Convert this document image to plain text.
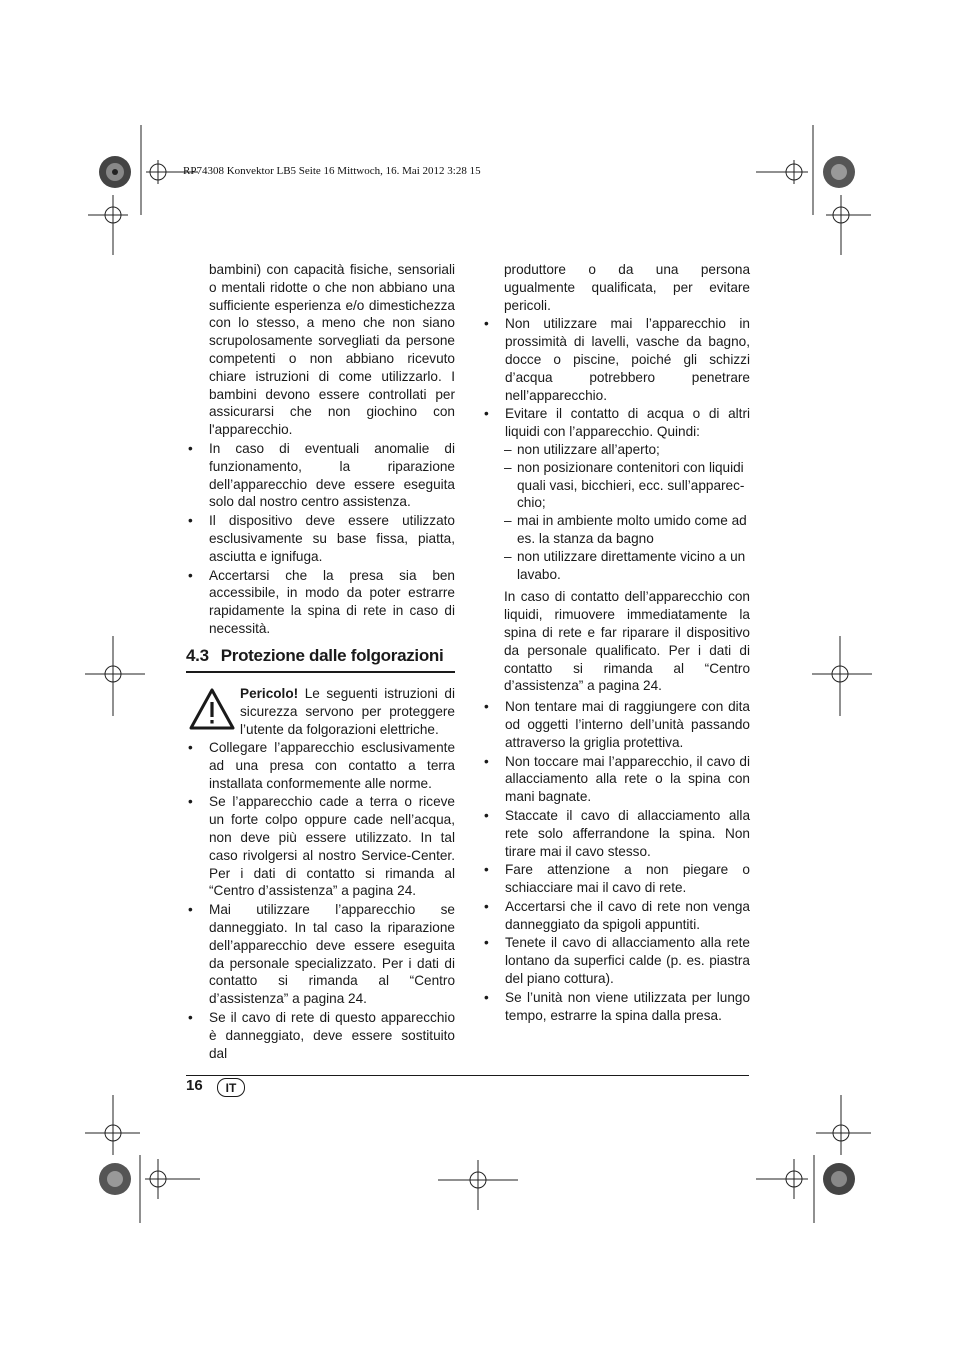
RP74308 Konvektor LB5 Seite 16 Mittwoch, 16. Mai 2012 3:28 15

bambini) con capacità fisiche, sensoriali o mentali ridotte o che non abbiano una sufficiente esperienza e/o dimestichezza con lo stesso, a meno che non siano scrupolosamente sorvegliati da persone competenti o non abbiano ricevuto chiare istruzioni di come utilizzarlo. I bambini devono essere controllati per assicurarsi che non giochino con l'apparecchio.

• In caso di eventuali anomalie di funzionamento, la riparazione dell’apparecchio deve essere eseguita solo dal nostro centro assistenza.

• Il dispositivo deve essere utilizzato esclusivamente su base fissa, piatta, asciutta e ignifuga.

• Accertarsi che la presa sia ben accessibile, in modo da poter estrarre rapidamente la spina di rete in caso di necessità.

4.3 Protezione dalle folgorazioni

Pericolo! Le seguenti istruzioni di sicurezza servono per proteggere l’utente da folgorazioni elettriche.

• Collegare l’apparecchio esclusivamente ad una presa con contatto a terra installata conformemente alle norme.

• Se l’apparecchio cade a terra o riceve un forte colpo oppure cade nell’acqua, non deve più essere utilizzato. In tal caso rivolgersi al nostro Service-Center. Per i dati di contatto si rimanda al “Centro d’assistenza” a pagina 24.

• Mai utilizzare l’apparecchio se danneggiato. In tal caso la riparazione dell’apparecchio deve essere eseguita da personale specializzato. Per i dati di contatto si rimanda al “Centro d’assistenza” a pagina 24.

• Se il cavo di rete di questo apparecchio è danneggiato, deve essere sostituito dal

produttore o da una persona ugualmente qualificata, per evitare pericoli.

• Non utilizzare mai l’apparecchio in prossimità di lavelli, vasche da bagno, docce o piscine, poiché gli schizzi d’acqua potrebbero penetrare nell’apparecchio.

• Evitare il contatto di acqua o di altri liquidi con l’apparecchio. Quindi:

– non utilizzare all’aperto;

– non posizionare contenitori con liquidi quali vasi, bicchieri, ecc. sull’apparecchio;

– mai in ambiente molto umido come ad es. la stanza da bagno

– non utilizzare direttamente vicino a un lavabo.

In caso di contatto dell’apparecchio con liquidi, rimuovere immediatamente la spina di rete e far riparare il dispositivo da personale qualificato. Per i dati di contatto si rimanda al “Centro d’assistenza” a pagina 24.

• Non tentare mai di raggiungere con dita od oggetti l’interno dell’unità passando attraverso la griglia protettiva.

• Non toccare mai l’apparecchio, il cavo di allacciamento alla rete o la spina con mani bagnate.

• Staccate il cavo di allacciamento alla rete solo afferrandone la spina. Non tirare mai il cavo stesso.

• Fare attenzione a non piegare o schiacciare mai il cavo di rete.

• Accertarsi che il cavo di rete non venga danneggiato da spigoli appuntiti.

• Tenete il cavo di allacciamento alla rete lontano da superfici calde (p. es. piastra del piano cottura).

• Se l’unità non viene utilizzata per lungo tempo, estrarre la spina dalla presa.

16 IT
